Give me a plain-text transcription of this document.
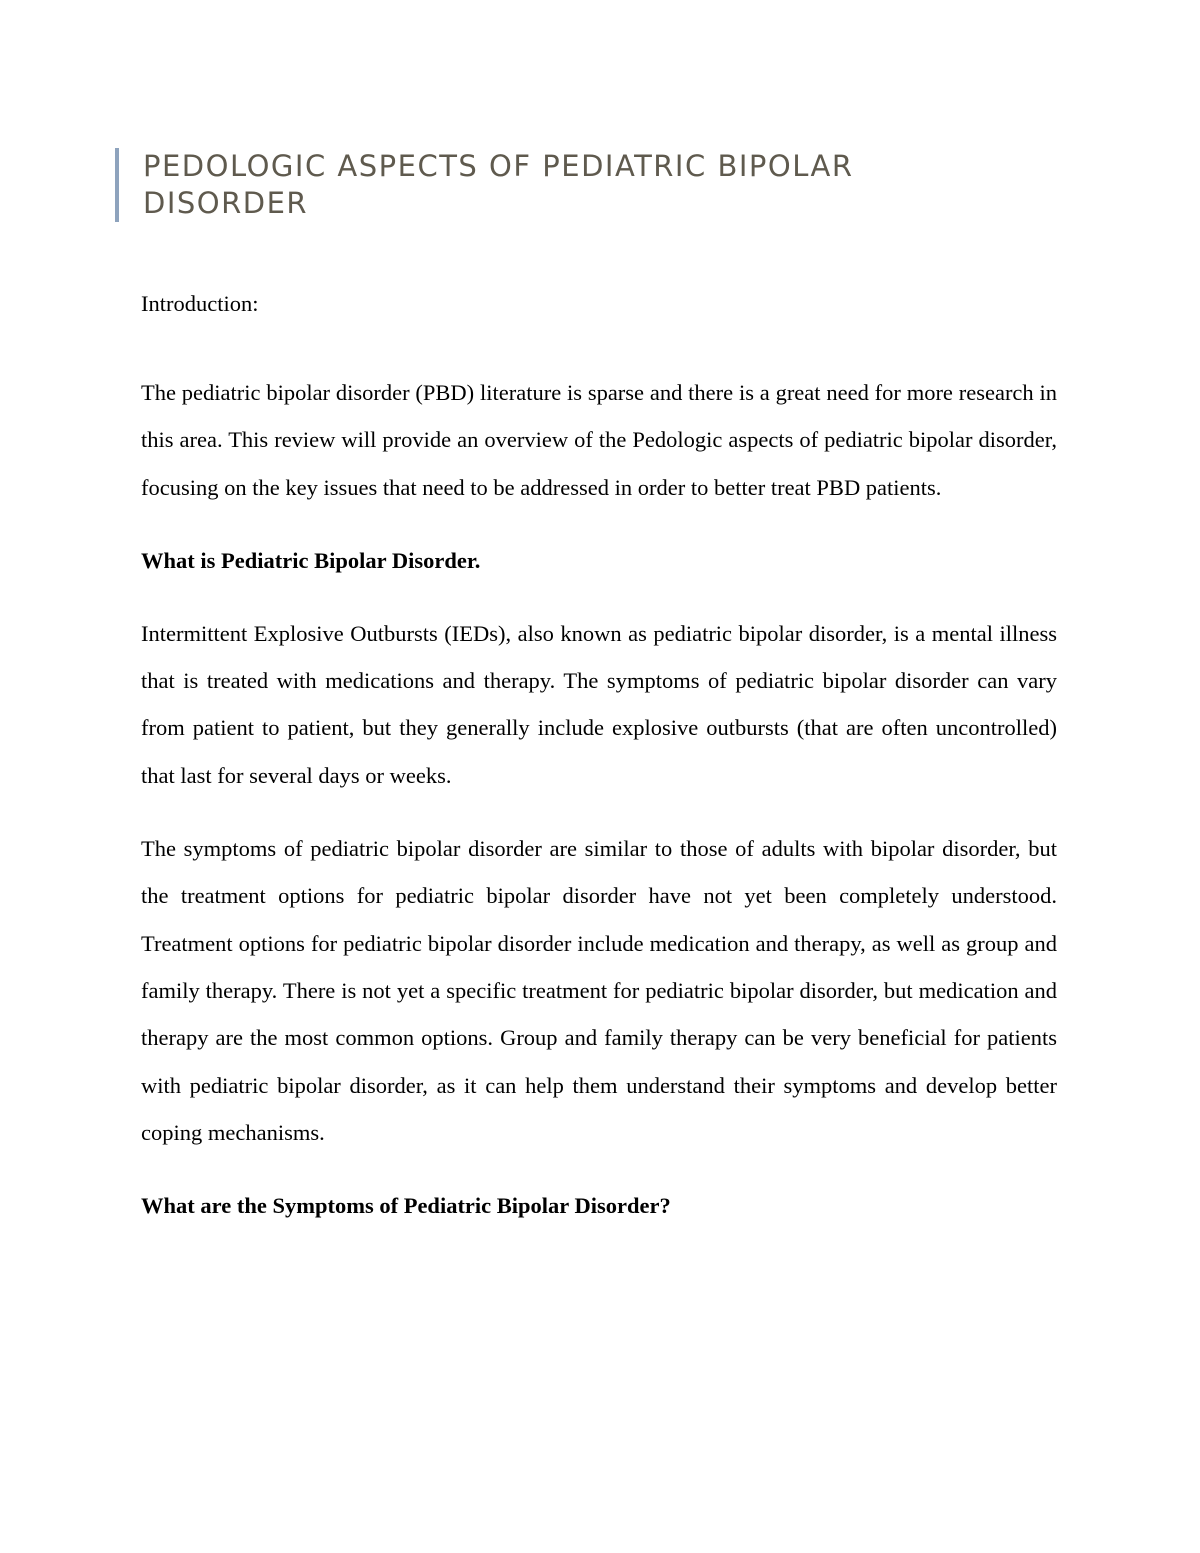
PEDOLOGIC ASPECTS OF PEDIATRIC BIPOLAR DISORDER

Introduction:

The pediatric bipolar disorder (PBD) literature is sparse and there is a great need for more research in this area. This review will provide an overview of the Pedologic aspects of pediatric bipolar disorder, focusing on the key issues that need to be addressed in order to better treat PBD patients.

What is Pediatric Bipolar Disorder.

Intermittent Explosive Outbursts (IEDs), also known as pediatric bipolar disorder, is a mental illness that is treated with medications and therapy. The symptoms of pediatric bipolar disorder can vary from patient to patient, but they generally include explosive outbursts (that are often uncontrolled) that last for several days or weeks.

The symptoms of pediatric bipolar disorder are similar to those of adults with bipolar disorder, but the treatment options for pediatric bipolar disorder have not yet been completely understood. Treatment options for pediatric bipolar disorder include medication and therapy, as well as group and family therapy. There is not yet a specific treatment for pediatric bipolar disorder, but medication and therapy are the most common options. Group and family therapy can be very beneficial for patients with pediatric bipolar disorder, as it can help them understand their symptoms and develop better coping mechanisms.

What are the Symptoms of Pediatric Bipolar Disorder?
